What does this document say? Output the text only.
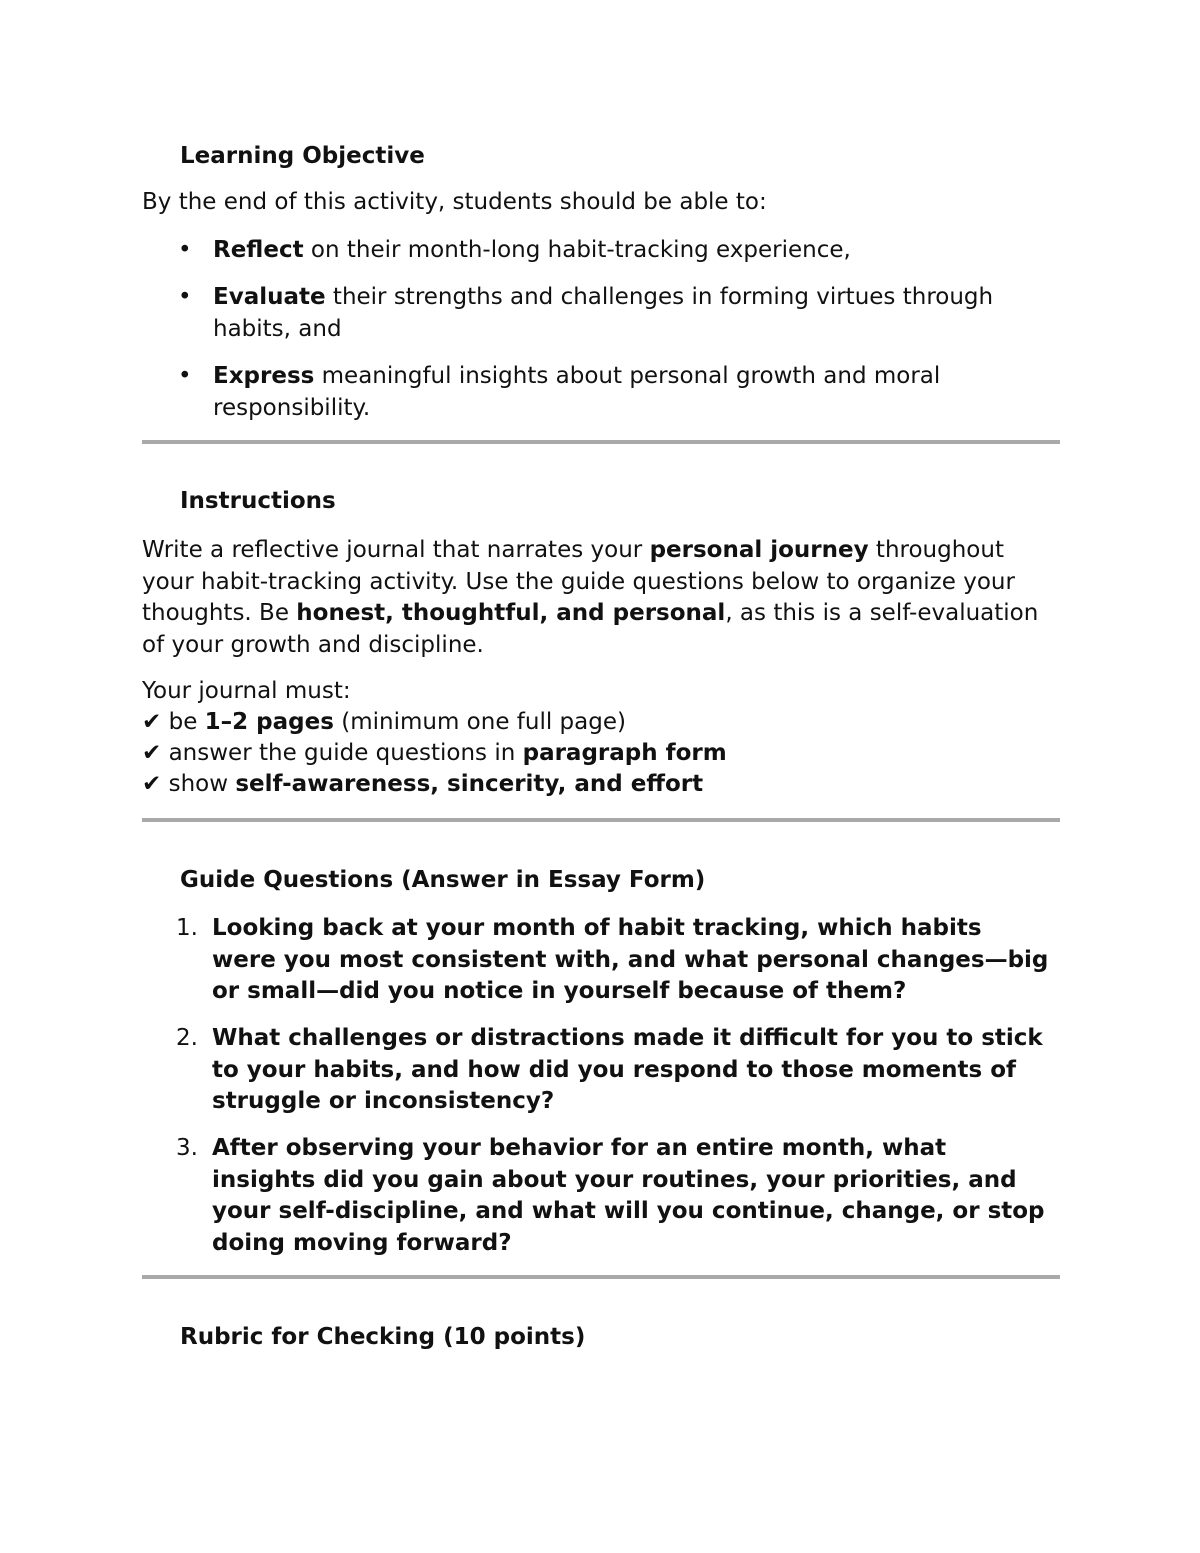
Learning Objective
By the end of this activity, students should be able to:
• Reflect on their month-long habit-tracking experience,
• Evaluate their strengths and challenges in forming virtues through habits, and
• Express meaningful insights about personal growth and moral responsibility.
Instructions
Write a reflective journal that narrates your personal journey throughout your habit-tracking activity. Use the guide questions below to organize your thoughts. Be honest, thoughtful, and personal, as this is a self-evaluation of your growth and discipline.
Your journal must:
✔ be 1–2 pages (minimum one full page)
✔ answer the guide questions in paragraph form
✔ show self-awareness, sincerity, and effort
Guide Questions (Answer in Essay Form)
1. Looking back at your month of habit tracking, which habits were you most consistent with, and what personal changes—big or small—did you notice in yourself because of them?
2. What challenges or distractions made it difficult for you to stick to your habits, and how did you respond to those moments of struggle or inconsistency?
3. After observing your behavior for an entire month, what insights did you gain about your routines, your priorities, and your self-discipline, and what will you continue, change, or stop doing moving forward?
Rubric for Checking (10 points)
